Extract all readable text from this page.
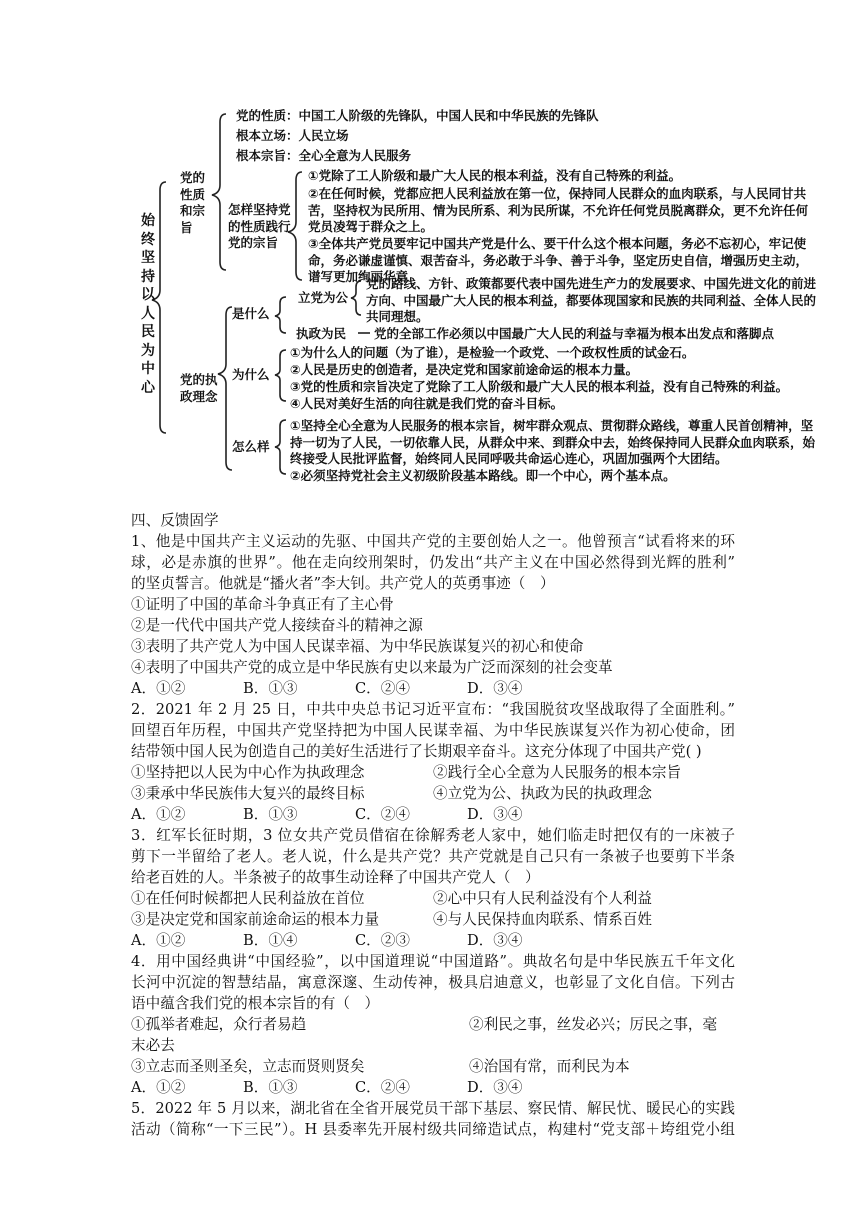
始终坚持以人民为中心
党的性质和宗旨
党的性质：中国工人阶级的先锋队，中国人民和中华民族的先锋队
根本立场：人民立场
根本宗旨：全心全意为人民服务
怎样坚持党的性质践行党的宗旨
①党除了工人阶级和最广大人民的根本利益，没有自己特殊的利益。
②在任何时候，党都应把人民利益放在第一位，保持同人民群众的血肉联系，与人民同甘共苦，坚持权为民所用、情为民所系、利为民所谋，不允许任何党员脱离群众，更不允许任何党员凌驾于群众之上。
③全体共产党员要牢记中国共产党是什么、要干什么这个根本问题，务必不忘初心，牢记使命，务必谦虚谨慎、艰苦奋斗，务必敢于斗争、善于斗争，坚定历史自信，增强历史主动，谱写更加绚丽华章
党的执政理念
是什么
立党为公
党的路线、方针、政策都要代表中国先进生产力的发展要求、中国先进文化的前进方向、中国最广大人民的根本利益，都要体现国家和民族的共同利益、全体人民的共同理想。
执政为民 党的全部工作必须以中国最广大人民的利益与幸福为根本出发点和落脚点
为什么
①为什么人的问题（为了谁），是检验一个政党、一个政权性质的试金石。
②人民是历史的创造者，是决定党和国家前途命运的根本力量。
③党的性质和宗旨决定了党除了工人阶级和最广大人民的根本利益，没有自己特殊的利益。
④人民对美好生活的向往就是我们党的奋斗目标。
怎么样
①坚持全心全意为人民服务的根本宗旨，树牢群众观点、贯彻群众路线，尊重人民首创精神，坚持一切为了人民，一切依靠人民，从群众中来、到群众中去，始终保持同人民群众血肉联系，始终接受人民批评监督，始终同人民同呼吸共命运心连心，巩固加强两个大团结。
②必须坚持党社会主义初级阶段基本路线。即一个中心，两个基本点。
四、反馈固学
1、他是中国共产主义运动的先驱、中国共产党的主要创始人之一。他曾预言“试看将来的环
球，必是赤旗的世界”。他在走向绞刑架时，仍发出“共产主义在中国必然得到光辉的胜利”
的坚贞誓言。他就是“播火者”李大钊。共产党人的英勇事迹（　）
①证明了中国的革命斗争真正有了主心骨
②是一代代中国共产党人接续奋斗的精神之源
③表明了共产党人为中国人民谋幸福、为中华民族谋复兴的初心和使命
④表明了中国共产党的成立是中华民族有史以来最为广泛而深刻的社会变革
A．①②	B．①③	C．②④	D．③④
2．2021 年 2 月 25 日，中共中央总书记习近平宣布：“我国脱贫攻坚战取得了全面胜利。”
回望百年历程，中国共产党坚持把为中国人民谋幸福、为中华民族谋复兴作为初心使命，团
结带领中国人民为创造自己的美好生活进行了长期艰辛奋斗。这充分体现了中国共产党( )
①坚持把以人民为中心作为执政理念	②践行全心全意为人民服务的根本宗旨
③秉承中华民族伟大复兴的最终目标	④立党为公、执政为民的执政理念
A．①②	B．①③	C．②④	D．③④
3．红军长征时期，3 位女共产党员借宿在徐解秀老人家中，她们临走时把仅有的一床被子
剪下一半留给了老人。老人说，什么是共产党？共产党就是自己只有一条被子也要剪下半条
给老百姓的人。半条被子的故事生动诠释了中国共产党人（　）
①在任何时候都把人民利益放在首位	②心中只有人民利益没有个人利益
③是决定党和国家前途命运的根本力量	④与人民保持血肉联系、情系百姓
A．①②	B．①④	C．②③	D．③④
4．用中国经典讲“中国经验”，以中国道理说“中国道路”。典故名句是中华民族五千年文化
长河中沉淀的智慧结晶，寓意深邃、生动传神，极具启迪意义，也彰显了文化自信。下列古
语中蕴含我们党的根本宗旨的有（　）
①孤举者难起，众行者易趋	②利民之事，丝发必兴；厉民之事，毫
末必去
③立志而圣则圣矣，立志而贤则贤矣	④治国有常，而利民为本
A．①②	B．①③	C．②④	D．③④
5．2022 年 5 月以来，湖北省在全省开展党员干部下基层、察民情、解民忧、暖民心的实践
活动（简称“一下三民”）。H 县委率先开展村级共同缔造试点，构建村“党支部＋垮组党小组
